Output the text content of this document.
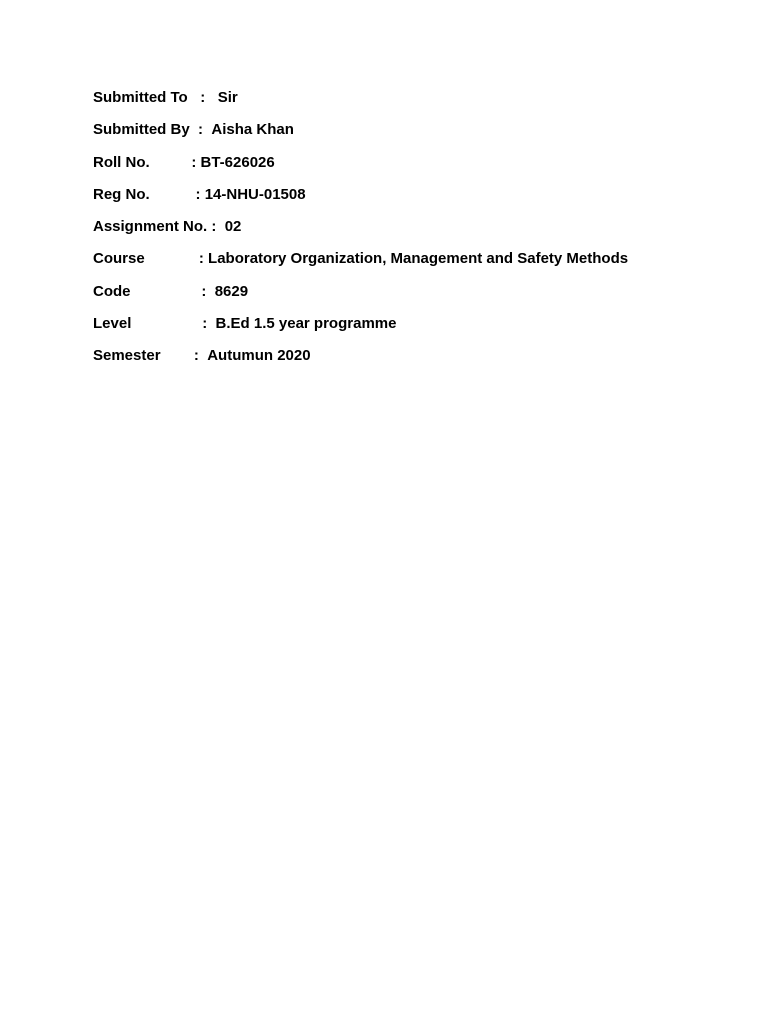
Submitted To : Sir
Submitted By : Aisha Khan
Roll No. : BT-626026
Reg No. : 14-NHU-01508
Assignment No. : 02
Course : Laboratory Organization, Management and Safety Methods
Code : 8629
Level : B.Ed 1.5 year programme
Semester : Autumun 2020
